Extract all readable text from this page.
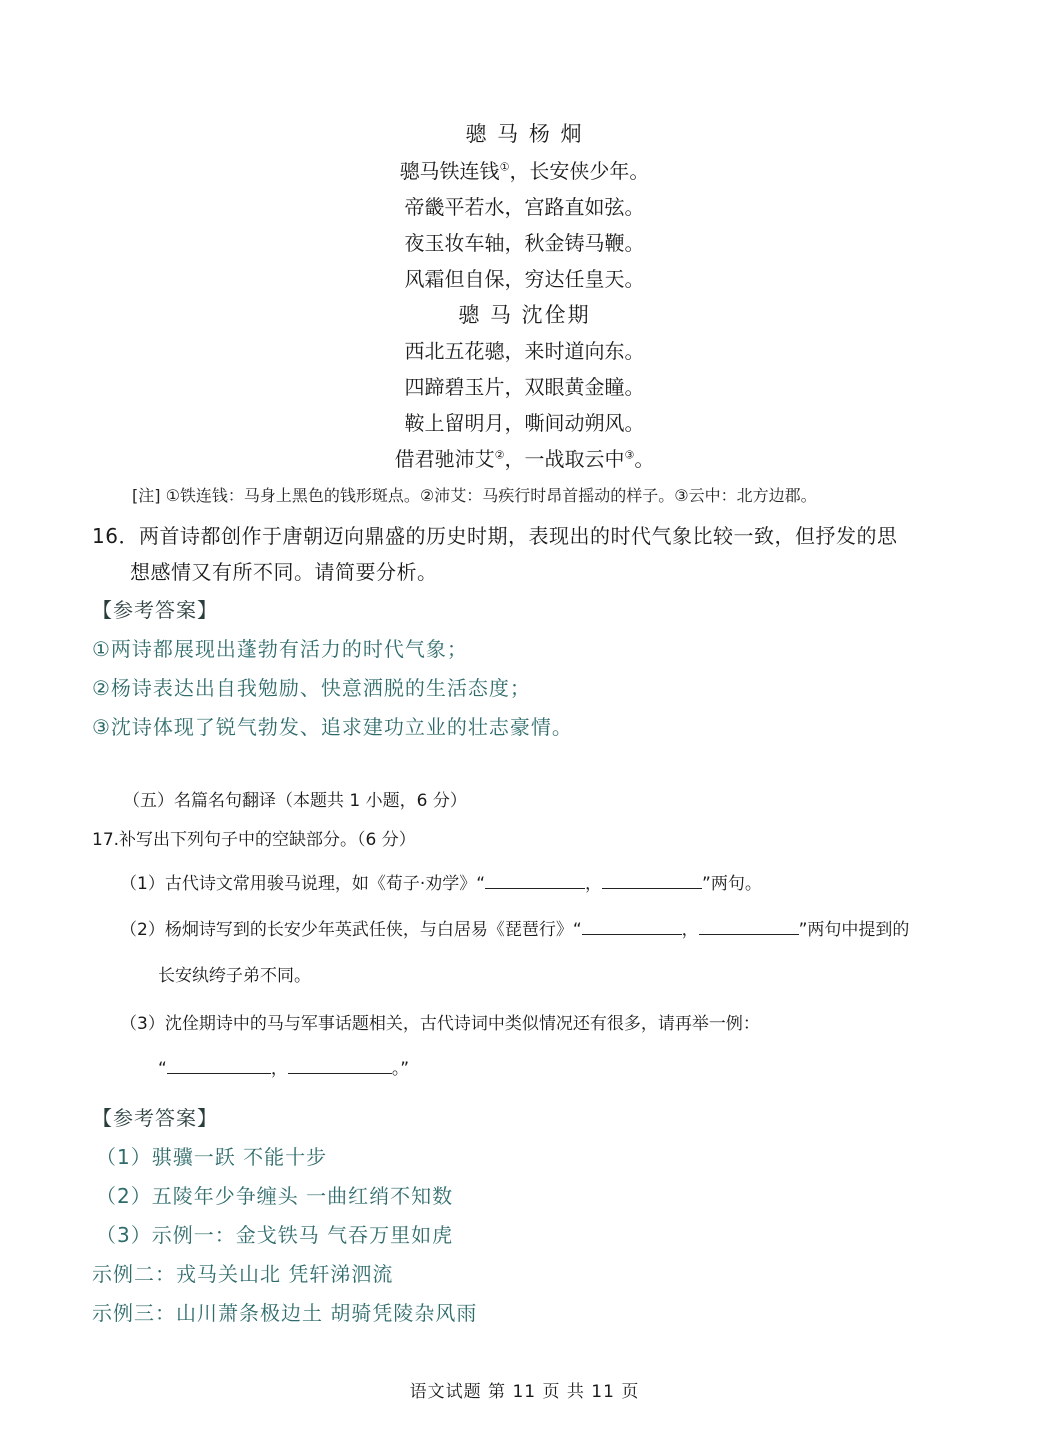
骢 马 杨 炯
骢马铁连钱①，长安侠少年。
帝畿平若水，宫路直如弦。
夜玉妆车轴，秋金铸马鞭。
风霜但自保，穷达任皇天。
骢 马 沈佺期
西北五花骢，来时道向东。
四蹄碧玉片，双眼黄金瞳。
鞍上留明月，嘶间动朔风。
借君驰沛艾②，一战取云中③。
[注] ①铁连钱：马身上黑色的钱形斑点。②沛艾：马疾行时昂首摇动的样子。③云中：北方边郡。
16．两首诗都创作于唐朝迈向鼎盛的历史时期，表现出的时代气象比较一致，但抒发的思
想感情又有所不同。请简要分析。
【参考答案】
①两诗都展现出蓬勃有活力的时代气象；
②杨诗表达出自我勉励、快意洒脱的生活态度；
③沈诗体现了锐气勃发、追求建功立业的壮志豪情。
（五）名篇名句翻译（本题共 1 小题，6 分）
17.补写出下列句子中的空缺部分。（6 分）
（1）古代诗文常用骏马说理，如《荀子·劝学》“	，	”两句。
（2）杨炯诗写到的长安少年英武任侠，与白居易《琵琶行》“	，	”两句中提到的
长安纨绔子弟不同。
（3）沈佺期诗中的马与军事话题相关，古代诗词中类似情况还有很多，请再举一例：
“	，	。”
【参考答案】
（1）骐骥一跃 不能十步
（2）五陵年少争缠头 一曲红绡不知数
（3）示例一：金戈铁马 气吞万里如虎
示例二：戎马关山北 凭轩涕泗流
示例三：山川萧条极边土 胡骑凭陵杂风雨
语文试题 第 11 页 共 11 页
